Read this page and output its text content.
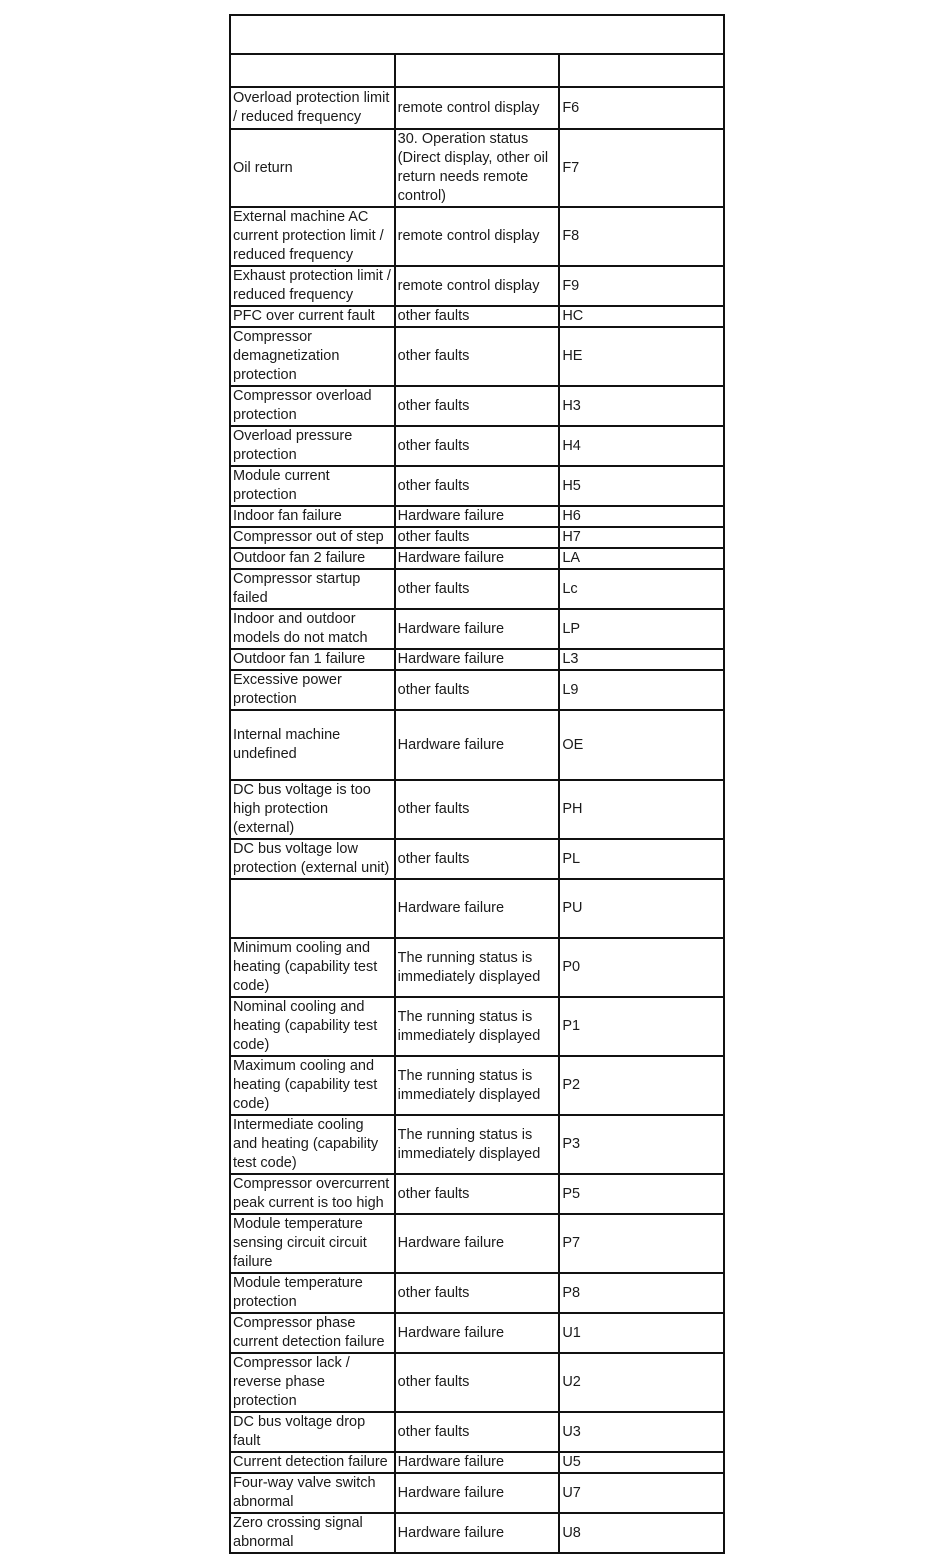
Overload protection limit / reduced frequency	remote control display	F6
Oil return	30. Operation status (Direct display, other oil return needs remote control)	F7
External machine AC current protection limit / reduced frequency	remote control display	F8
Exhaust protection limit / reduced frequency	remote control display	F9
PFC over current fault	other faults	HC
Compressor demagnetization protection	other faults	HE
Compressor overload protection	other faults	H3
Overload pressure protection	other faults	H4
Module current protection	other faults	H5
Indoor fan failure	Hardware failure	H6
Compressor out of step	other faults	H7
Outdoor fan 2 failure	Hardware failure	LA
Compressor startup failed	other faults	Lc
Indoor and outdoor models do not match	Hardware failure	LP
Outdoor fan 1 failure	Hardware failure	L3
Excessive power protection	other faults	L9
Internal machine undefined	Hardware failure	OE
DC bus voltage is too high protection (external)	other faults	PH
DC bus voltage low protection (external unit)	other faults	PL
	Hardware failure	PU
Minimum cooling and heating (capability test code)	The running status is immediately displayed	P0
Nominal cooling and heating (capability test code)	The running status is immediately displayed	P1
Maximum cooling and heating (capability test code)	The running status is immediately displayed	P2
Intermediate cooling and heating (capability test code)	The running status is immediately displayed	P3
Compressor overcurrent peak current is too high	other faults	P5
Module temperature sensing circuit circuit failure	Hardware failure	P7
Module temperature protection	other faults	P8
Compressor phase current detection failure	Hardware failure	U1
Compressor lack / reverse phase protection	other faults	U2
DC bus voltage drop fault	other faults	U3
Current detection failure	Hardware failure	U5
Four-way valve switch abnormal	Hardware failure	U7
Zero crossing signal abnormal	Hardware failure	U8
